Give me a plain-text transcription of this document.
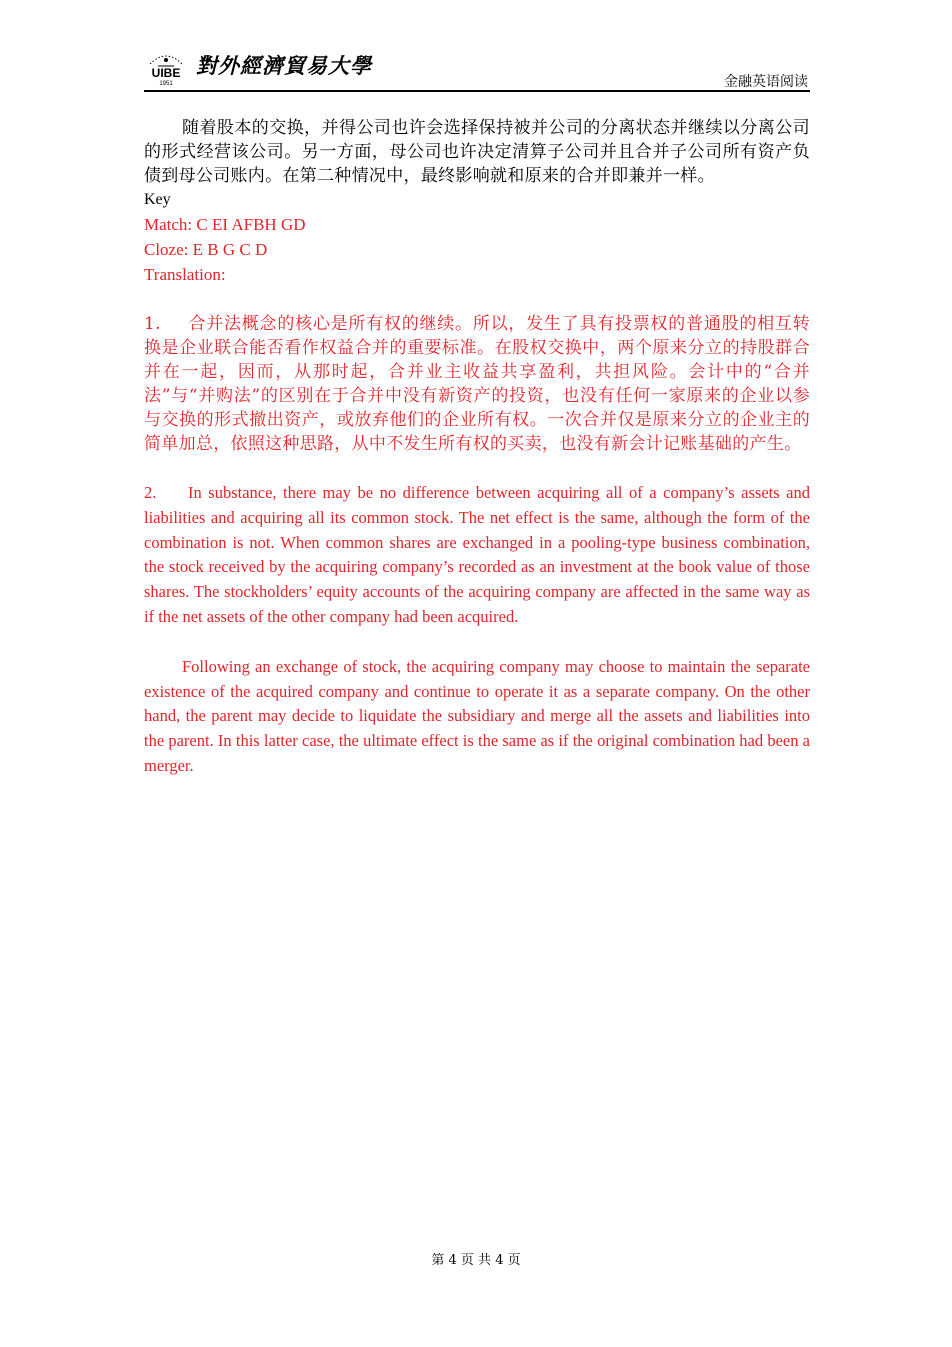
UIBE
1951
對外經濟貿易大學
金融英语阅读

随着股本的交换，并得公司也许会选择保持被并公司的分离状态并继续以分离公司的形式经营该公司。另一方面，母公司也许决定清算子公司并且合并子公司所有资产负债到母公司账内。在第二种情况中，最终影响就和原来的合并即兼并一样。

Key

Match: C EI AFBH GD

Cloze: E B G C D

Translation:

1. 合并法概念的核心是所有权的继续。所以，发生了具有投票权的普通股的相互转换是企业联合能否看作权益合并的重要标准。在股权交换中，两个原来分立的持股群合并在一起，因而，从那时起，合并业主收益共享盈利，共担风险。会计中的“合并法”与“并购法”的区别在于合并中没有新资产的投资，也没有任何一家原来的企业以参与交换的形式撤出资产，或放弃他们的企业所有权。一次合并仅是原来分立的企业主的简单加总，依照这种思路，从中不发生所有权的买卖，也没有新会计记账基础的产生。

2. In substance, there may be no difference between acquiring all of a company’s assets and liabilities and acquiring all its common stock. The net effect is the same, although the form of the combination is not. When common shares are exchanged in a pooling-type business combination, the stock received by the acquiring company’s recorded as an investment at the book value of those shares. The stockholders’ equity accounts of the acquiring company are affected in the same way as if the net assets of the other company had been acquired.

Following an exchange of stock, the acquiring company may choose to maintain the separate existence of the acquired company and continue to operate it as a separate company. On the other hand, the parent may decide to liquidate the subsidiary and merge all the assets and liabilities into the parent. In this latter case, the ultimate effect is the same as if the original combination had been a merger.

第 4 页 共 4 页
